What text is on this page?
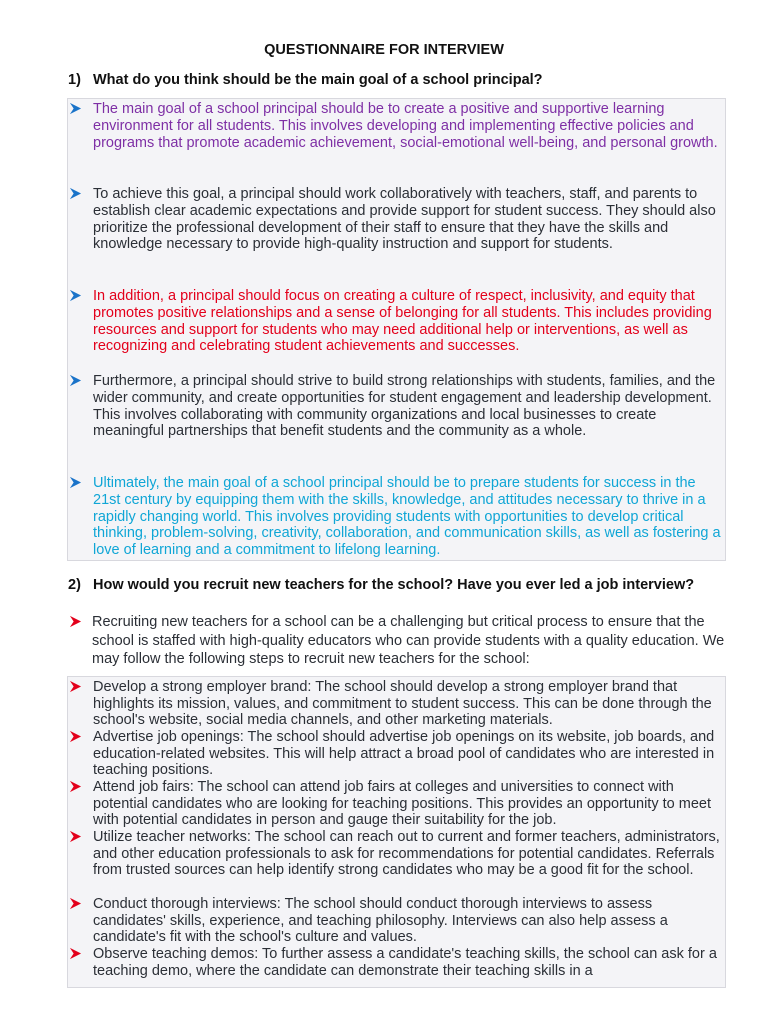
QUESTIONNAIRE FOR INTERVIEW
1) What do you think should be the main goal of a school principal?
The main goal of a school principal should be to create a positive and supportive learning environment for all students. This involves developing and implementing effective policies and programs that promote academic achievement, social-emotional well-being, and personal growth.
To achieve this goal, a principal should work collaboratively with teachers, staff, and parents to establish clear academic expectations and provide support for student success. They should also prioritize the professional development of their staff to ensure that they have the skills and knowledge necessary to provide high-quality instruction and support for students.
In addition, a principal should focus on creating a culture of respect, inclusivity, and equity that promotes positive relationships and a sense of belonging for all students. This includes providing resources and support for students who may need additional help or interventions, as well as recognizing and celebrating student achievements and successes.
Furthermore, a principal should strive to build strong relationships with students, families, and the wider community, and create opportunities for student engagement and leadership development. This involves collaborating with community organizations and local businesses to create meaningful partnerships that benefit students and the community as a whole.
Ultimately, the main goal of a school principal should be to prepare students for success in the 21st century by equipping them with the skills, knowledge, and attitudes necessary to thrive in a rapidly changing world. This involves providing students with opportunities to develop critical thinking, problem-solving, creativity, collaboration, and communication skills, as well as fostering a love of learning and a commitment to lifelong learning.
2) How would you recruit new teachers for the school? Have you ever led a job interview?
Recruiting new teachers for a school can be a challenging but critical process to ensure that the school is staffed with high-quality educators who can provide students with a quality education. We may follow the following steps to recruit new teachers for the school:
Develop a strong employer brand: The school should develop a strong employer brand that highlights its mission, values, and commitment to student success. This can be done through the school's website, social media channels, and other marketing materials.
Advertise job openings: The school should advertise job openings on its website, job boards, and education-related websites. This will help attract a broad pool of candidates who are interested in teaching positions.
Attend job fairs: The school can attend job fairs at colleges and universities to connect with potential candidates who are looking for teaching positions. This provides an opportunity to meet with potential candidates in person and gauge their suitability for the job.
Utilize teacher networks: The school can reach out to current and former teachers, administrators, and other education professionals to ask for recommendations for potential candidates. Referrals from trusted sources can help identify strong candidates who may be a good fit for the school.
Conduct thorough interviews: The school should conduct thorough interviews to assess candidates' skills, experience, and teaching philosophy. Interviews can also help assess a candidate's fit with the school's culture and values.
Observe teaching demos: To further assess a candidate's teaching skills, the school can ask for a teaching demo, where the candidate can demonstrate their teaching skills in a
